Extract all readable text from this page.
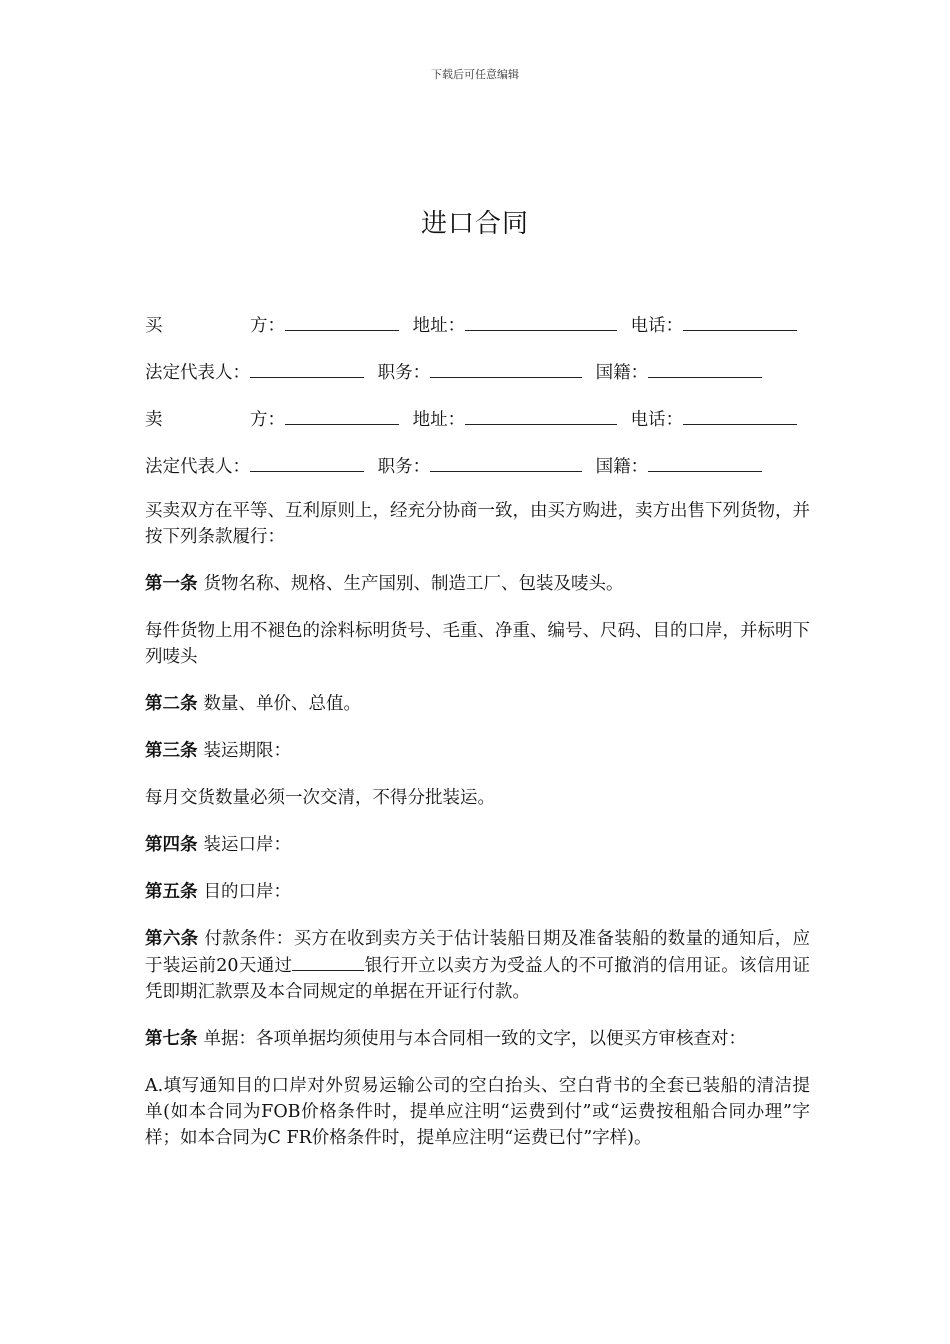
下载后可任意编辑
进口合同
买	方：	地址：	电话：
法定代表人：	职务：	国籍：
卖	方：	地址：	电话：
法定代表人：	职务：	国籍：

买卖双方在平等、互利原则上，经充分协商一致，由买方购进，卖方出售下列货物，并按下列条款履行：

第一条 货物名称、规格、生产国别、制造工厂、包装及唛头。

每件货物上用不褪色的涂料标明货号、毛重、净重、编号、尺码、目的口岸，并标明下列唛头

第二条 数量、单价、总值。

第三条 装运期限：

每月交货数量必须一次交清，不得分批装运。

第四条 装运口岸：

第五条 目的口岸：

第六条 付款条件：买方在收到卖方关于估计装船日期及准备装船的数量的通知后，应于装运前20天通过	银行开立以卖方为受益人的不可撤消的信用证。该信用证凭即期汇款票及本合同规定的单据在开证行付款。

第七条 单据：各项单据均须使用与本合同相一致的文字，以便买方审核查对：

A.填写通知目的口岸对外贸易运输公司的空白抬头、空白背书的全套已装船的清洁提单(如本合同为FOB价格条件时，提单应注明“运费到付”或“运费按租船合同办理”字样；如本合同为C FR价格条件时，提单应注明“运费已付”字样)。
